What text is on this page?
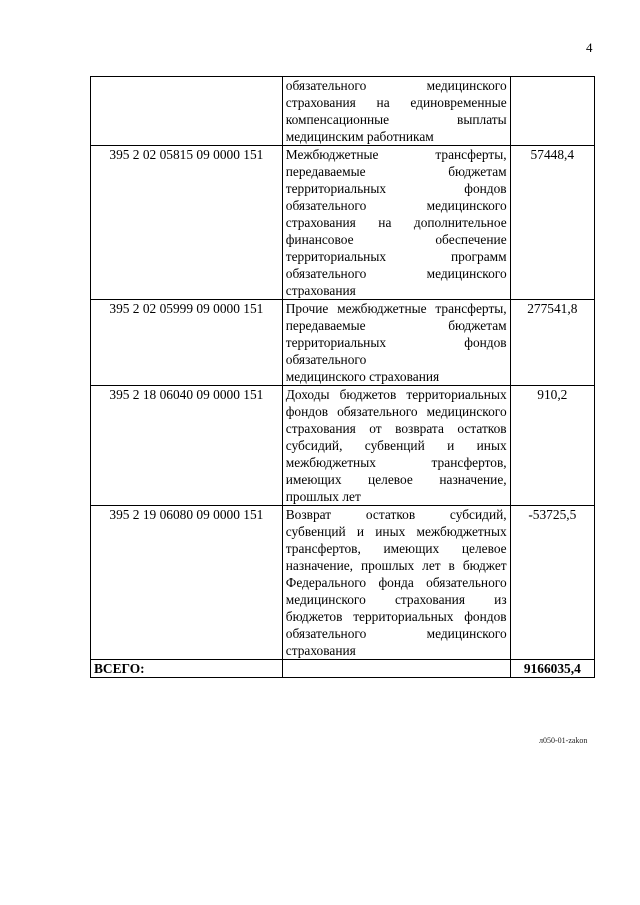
4
	обязательного медицинского страхования на единовременные компенсационные выплаты
медицинским работникам	

395 2 02 05815 09 0000 151	Межбюджетные трансферты, передаваемые бюджетам территориальных фондов обязательного медицинского страхования на дополнительное финансовое обеспечение территориальных программ обязательного медицинского
страхования	57448,4
395 2 02 05999 09 0000 151	Прочие межбюджетные трансферты, передаваемые бюджетам территориальных фондов обязательного
медицинского страхования	277541,8
395 2 18 06040 09 0000 151	Доходы бюджетов территориальных фондов обязательного медицинского страхования от возврата остатков субсидий, субвенций и иных межбюджетных трансфертов, имеющих целевое назначение,
прошлых лет	910,2
395 2 19 06080 09 0000 151	Возврат остатков субсидий, субвенций и иных межбюджетных трансфертов, имеющих целевое назначение, прошлых лет в бюджет Федерального фонда обязательного медицинского страхования из бюджетов территориальных фондов обязательного медицинского
страхования	-53725,5
ВСЕГО:		9166035,4
л050-01-zakon
